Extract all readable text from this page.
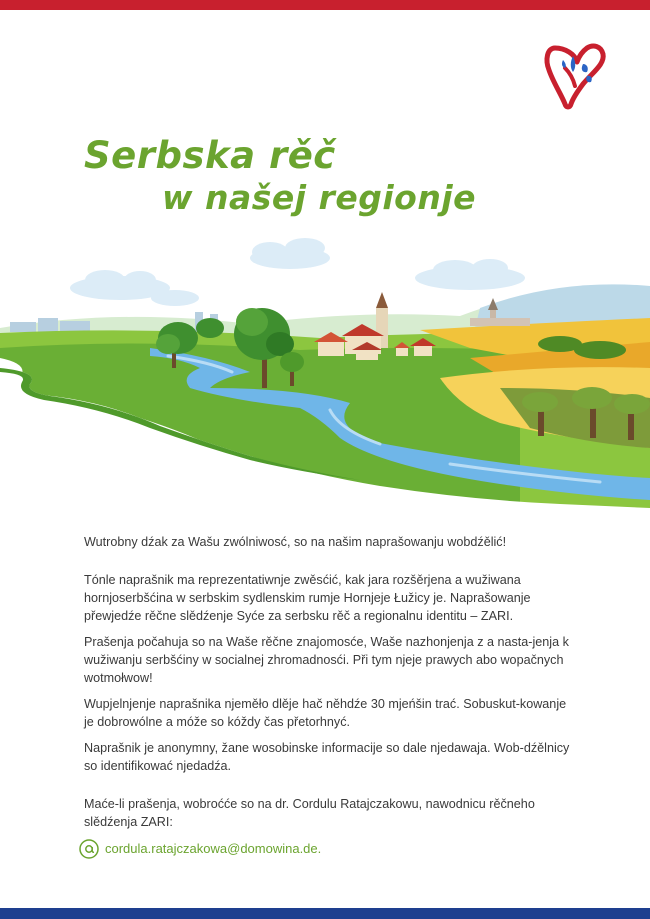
Serbska rěč
w našej regionje

Wutrobny dźak za Wašu zwólniwosć, so na našim naprašowanju wobdźělić!

Tónle naprašnik ma reprezentatiwnje zwěsćić, kak jara rozšěrjena a wužiwana hornjoserbšćina w serbskim sydlenskim rumje Hornjeje Łužicy je. Naprašowanje přewjedźe rěčne slědźenje Syće za serbsku rěč a regionalnu identitu – ZARI.

Prašenja počahuja so na Waše rěčne znajomosće, Waše nazhonjenja z a nasta-jenja k wužiwanju serbšćiny w socialnej zhromadnosći. Při tym njeje prawych abo wopačnych wotmołwow!

Wupjelnjenje naprašnika njeměło dlěje hač něhdźe 30 mjeńšin trać. Sobuskut-kowanje je dobrowólne a móže so kóždy čas přetorhnyć.

Naprašnik je anonymny, žane wosobinske informacije so dale njedawaja. Wob-dźělnicy so identifikować njedadźa.

Maće-li prašenja, wobroćće so na dr. Cordulu Ratajczakowu, nawodnicu rěčneho slědźenja ZARI:

cordula.ratajczakowa@domowina.de.
